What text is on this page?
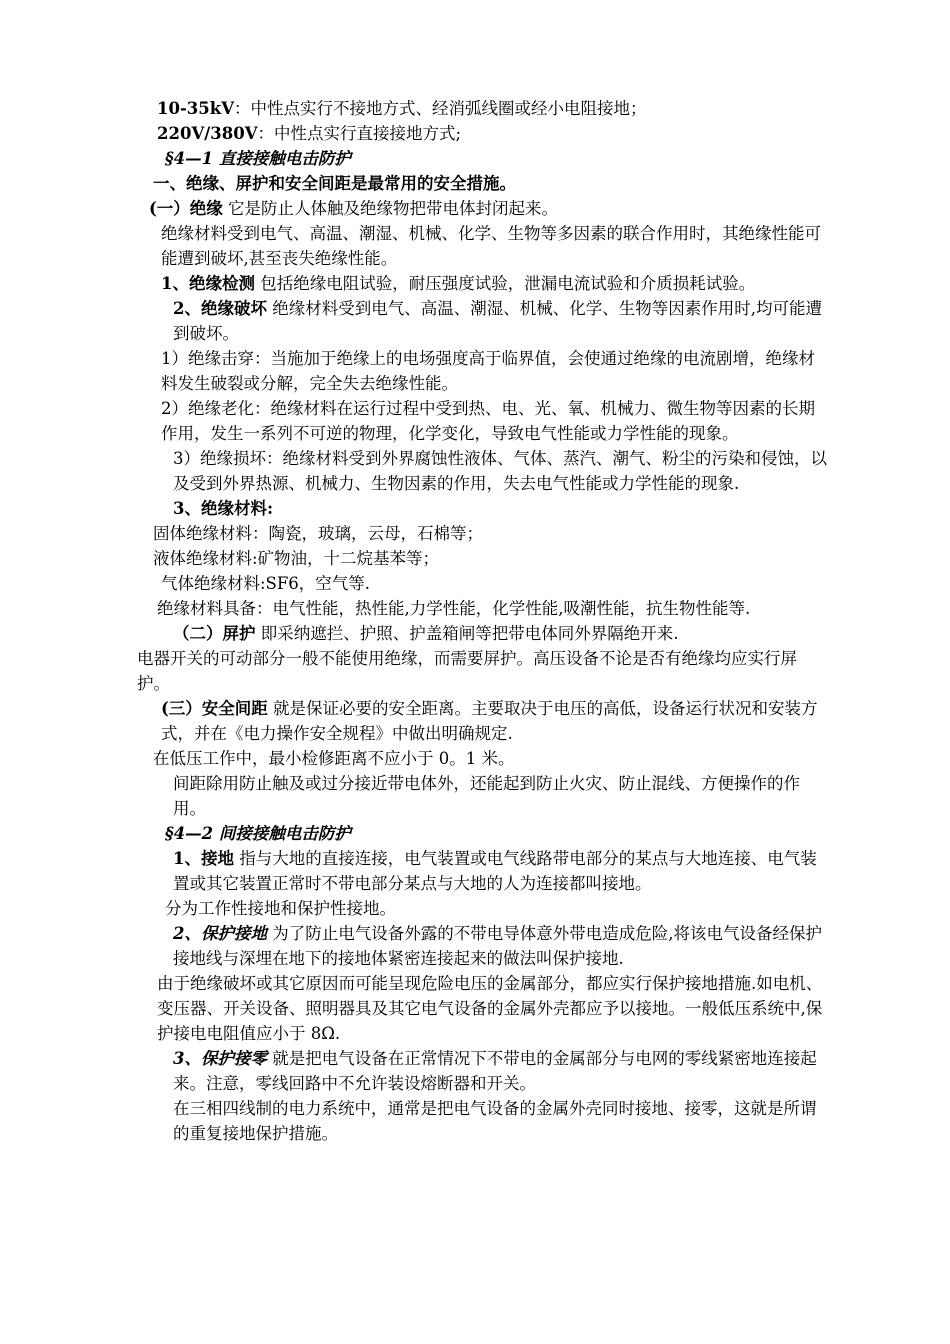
10-35kV：中性点实行不接地方式、经消弧线圈或经小电阻接地；

220V/380V：中性点实行直接接地方式;

§4—1 直接接触电击防护

一、绝缘、屏护和安全间距是最常用的安全措施。

(一）绝缘 它是防止人体触及绝缘物把带电体封闭起来。

绝缘材料受到电气、高温、潮湿、机械、化学、生物等多因素的联合作用时，其绝缘性能可能遭到破坏,甚至丧失绝缘性能。

1、绝缘检测 包括绝缘电阻试验，耐压强度试验，泄漏电流试验和介质损耗试验。

2、绝缘破坏 绝缘材料受到电气、高温、潮湿、机械、化学、生物等因素作用时,均可能遭到破坏。

1）绝缘击穿：当施加于绝缘上的电场强度高于临界值，会使通过绝缘的电流剧增，绝缘材料发生破裂或分解，完全失去绝缘性能。

2）绝缘老化：绝缘材料在运行过程中受到热、电、光、氧、机械力、微生物等因素的长期作用，发生一系列不可逆的物理，化学变化，导致电气性能或力学性能的现象。

3）绝缘损坏：绝缘材料受到外界腐蚀性液体、气体、蒸汽、潮气、粉尘的污染和侵蚀，以及受到外界热源、机械力、生物因素的作用，失去电气性能或力学性能的现象.

3、绝缘材料:

固体绝缘材料：陶瓷，玻璃，云母，石棉等；

液体绝缘材料:矿物油，十二烷基苯等；

气体绝缘材料:SF6，空气等.

绝缘材料具备：电气性能，热性能,力学性能，化学性能,吸潮性能，抗生物性能等.

（二）屏护 即采纳遮拦、护照、护盖箱闸等把带电体同外界隔绝开来.

电器开关的可动部分一般不能使用绝缘，而需要屏护。高压设备不论是否有绝缘均应实行屏护。

(三）安全间距 就是保证必要的安全距离。主要取决于电压的高低，设备运行状况和安装方式，并在《电力操作安全规程》中做出明确规定.

在低压工作中，最小检修距离不应小于 0。1 米。

间距除用防止触及或过分接近带电体外，还能起到防止火灾、防止混线、方便操作的作用。

§4—2 间接接触电击防护

1、接地 指与大地的直接连接，电气装置或电气线路带电部分的某点与大地连接、电气装置或其它装置正常时不带电部分某点与大地的人为连接都叫接地。

分为工作性接地和保护性接地。

2、保护接地 为了防止电气设备外露的不带电导体意外带电造成危险,将该电气设备经保护接地线与深埋在地下的接地体紧密连接起来的做法叫保护接地.

由于绝缘破坏或其它原因而可能呈现危险电压的金属部分，都应实行保护接地措施.如电机、变压器、开关设备、照明器具及其它电气设备的金属外壳都应予以接地。一般低压系统中,保护接电电阻值应小于 8Ω.

3、保护接零 就是把电气设备在正常情况下不带电的金属部分与电网的零线紧密地连接起来。注意，零线回路中不允许装设熔断器和开关。

在三相四线制的电力系统中，通常是把电气设备的金属外壳同时接地、接零，这就是所谓的重复接地保护措施。
